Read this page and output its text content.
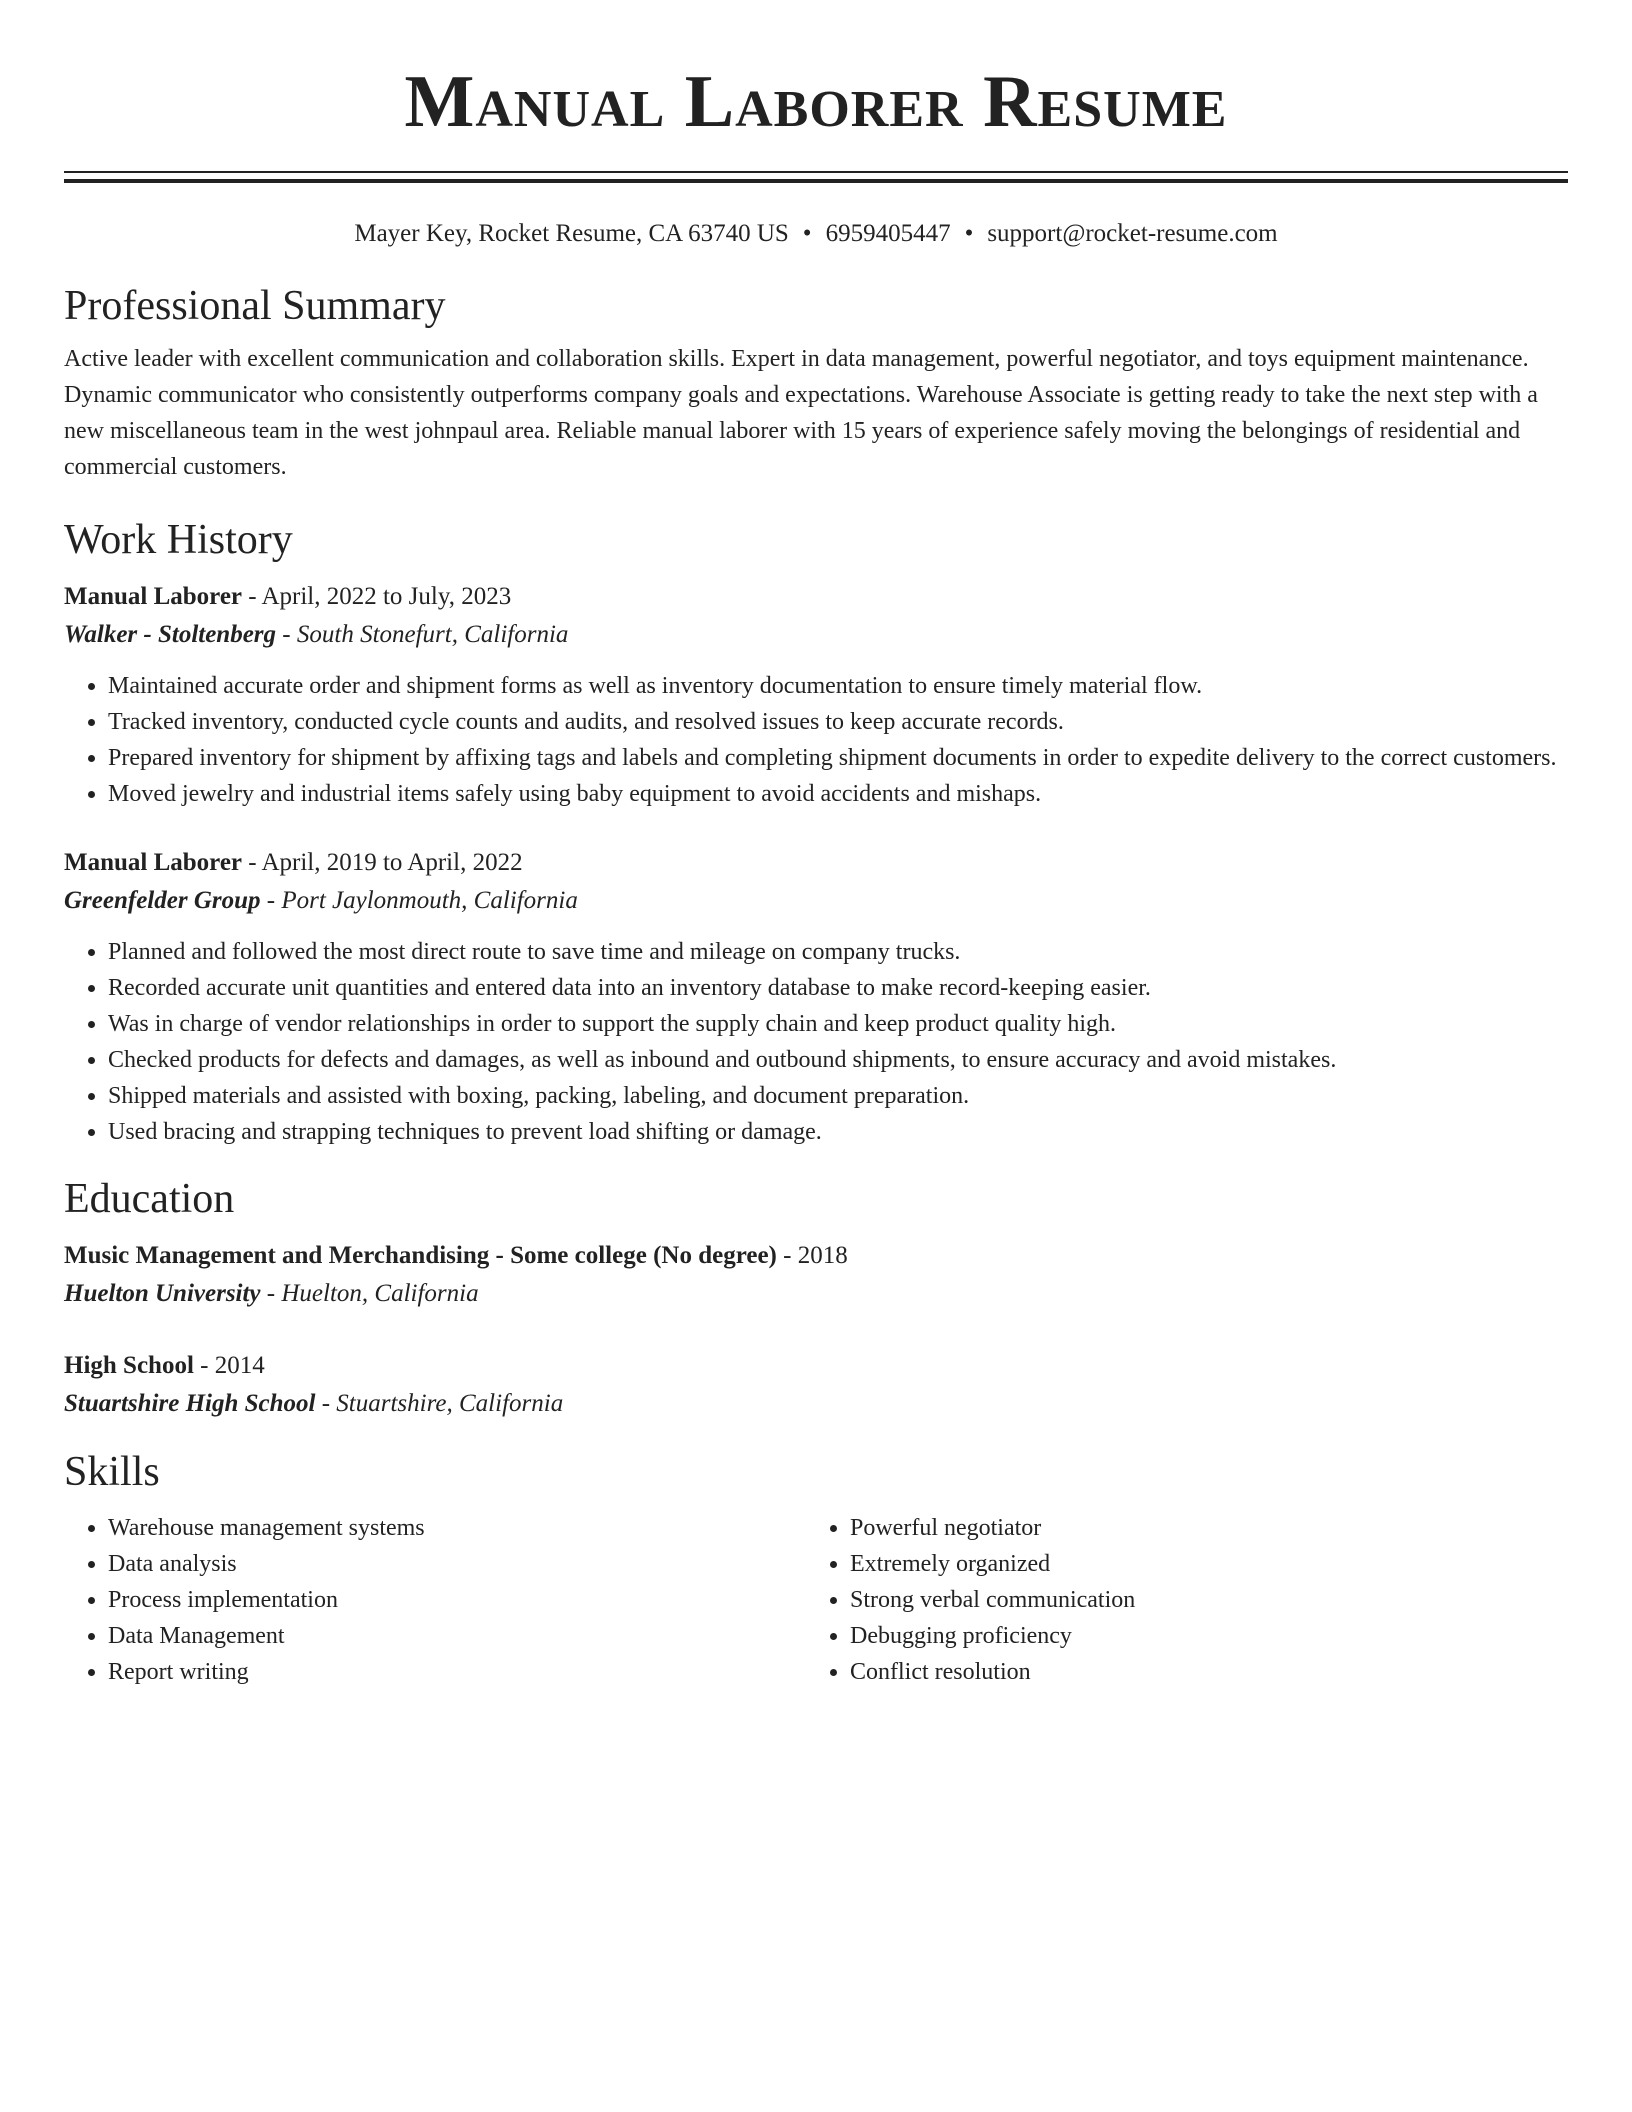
Manual Laborer Resume
Mayer Key, Rocket Resume, CA 63740 US • 6959405447 • support@rocket-resume.com
Professional Summary

Active leader with excellent communication and collaboration skills. Expert in data management, powerful negotiator, and toys equipment maintenance. Dynamic communicator who consistently outperforms company goals and expectations. Warehouse Associate is getting ready to take the next step with a new miscellaneous team in the west johnpaul area. Reliable manual laborer with 15 years of experience safely moving the belongings of residential and commercial customers.

Work History

Manual Laborer - April, 2022 to July, 2023

Walker - Stoltenberg - South Stonefurt, California

• Maintained accurate order and shipment forms as well as inventory documentation to ensure timely material flow.
• Tracked inventory, conducted cycle counts and audits, and resolved issues to keep accurate records.
• Prepared inventory for shipment by affixing tags and labels and completing shipment documents in order to expedite delivery to the correct customers.
• Moved jewelry and industrial items safely using baby equipment to avoid accidents and mishaps.

Manual Laborer - April, 2019 to April, 2022

Greenfelder Group - Port Jaylonmouth, California

• Planned and followed the most direct route to save time and mileage on company trucks.
• Recorded accurate unit quantities and entered data into an inventory database to make record-keeping easier.
• Was in charge of vendor relationships in order to support the supply chain and keep product quality high.
• Checked products for defects and damages, as well as inbound and outbound shipments, to ensure accuracy and avoid mistakes.
• Shipped materials and assisted with boxing, packing, labeling, and document preparation.
• Used bracing and strapping techniques to prevent load shifting or damage.
Education

Music Management and Merchandising - Some college (No degree) - 2018

Huelton University - Huelton, California

High School - 2014

Stuartshire High School - Stuartshire, California

Skills
• Warehouse management systems
• Data analysis
• Process implementation
• Data Management
• Report writing
• Powerful negotiator
• Extremely organized
• Strong verbal communication
• Debugging proficiency
• Conflict resolution
